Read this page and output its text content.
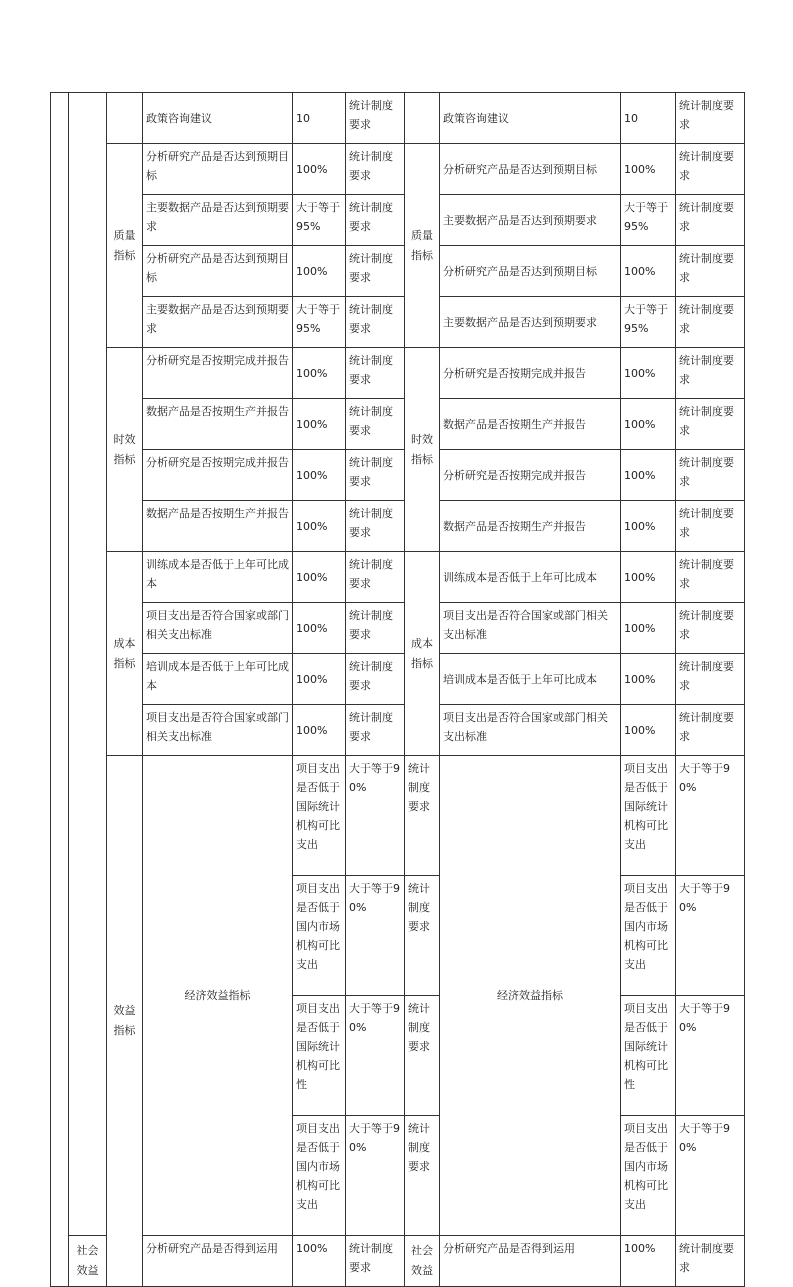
			政策咨询建议	10	统计制度要求		政策咨询建议	10	统计制度要求	
		质量指标	分析研究产品是否达到预期目标	100%	统计制度要求	质量指标	分析研究产品是否达到预期目标	100%	统计制度要求	
			主要数据产品是否达到预期要求	大于等于95%	统计制度要求		主要数据产品是否达到预期要求	大于等于95%	统计制度要求	
			分析研究产品是否达到预期目标	100%	统计制度要求		分析研究产品是否达到预期目标	100%	统计制度要求	
			主要数据产品是否达到预期要求	大于等于95%	统计制度要求		主要数据产品是否达到预期要求	大于等于95%	统计制度要求	
		时效指标	分析研究是否按期完成并报告	100%	统计制度要求	时效指标	分析研究是否按期完成并报告	100%	统计制度要求	
			数据产品是否按期生产并报告	100%	统计制度要求		数据产品是否按期生产并报告	100%	统计制度要求	
			分析研究是否按期完成并报告	100%	统计制度要求		分析研究是否按期完成并报告	100%	统计制度要求	
			数据产品是否按期生产并报告	100%	统计制度要求		数据产品是否按期生产并报告	100%	统计制度要求	
		成本指标	训练成本是否低于上年可比成本	100%	统计制度要求	成本指标	训练成本是否低于上年可比成本	100%	统计制度要求	
			项目支出是否符合国家或部门相关支出标准	100%	统计制度要求		项目支出是否符合国家或部门相关支出标准	100%	统计制度要求	
			培训成本是否低于上年可比成本	100%	统计制度要求		培训成本是否低于上年可比成本	100%	统计制度要求	
			项目支出是否符合国家或部门相关支出标准	100%	统计制度要求		项目支出是否符合国家或部门相关支出标准	100%	统计制度要求	
		效益指标	经济效益指标	项目支出是否低于国际统计机构可比支出	大于等于90%	统计制度要求	经济效益指标	项目支出是否低于国际统计机构可比支出	大于等于90%	
				项目支出是否低于国内市场机构可比支出	大于等于90%	统计制度要求		项目支出是否低于国内市场机构可比支出	大于等于90%	
				项目支出是否低于国际统计机构可比性	大于等于90%	统计制度要求		项目支出是否低于国际统计机构可比性	大于等于90%	
				项目支出是否低于国内市场机构可比支出	大于等于90%	统计制度要求		项目支出是否低于国内市场机构可比支出	大于等于90%	
	社会效益		分析研究产品是否得到运用	100%	统计制度要求	社会效益	分析研究产品是否得到运用	100%	统计制度要求	
